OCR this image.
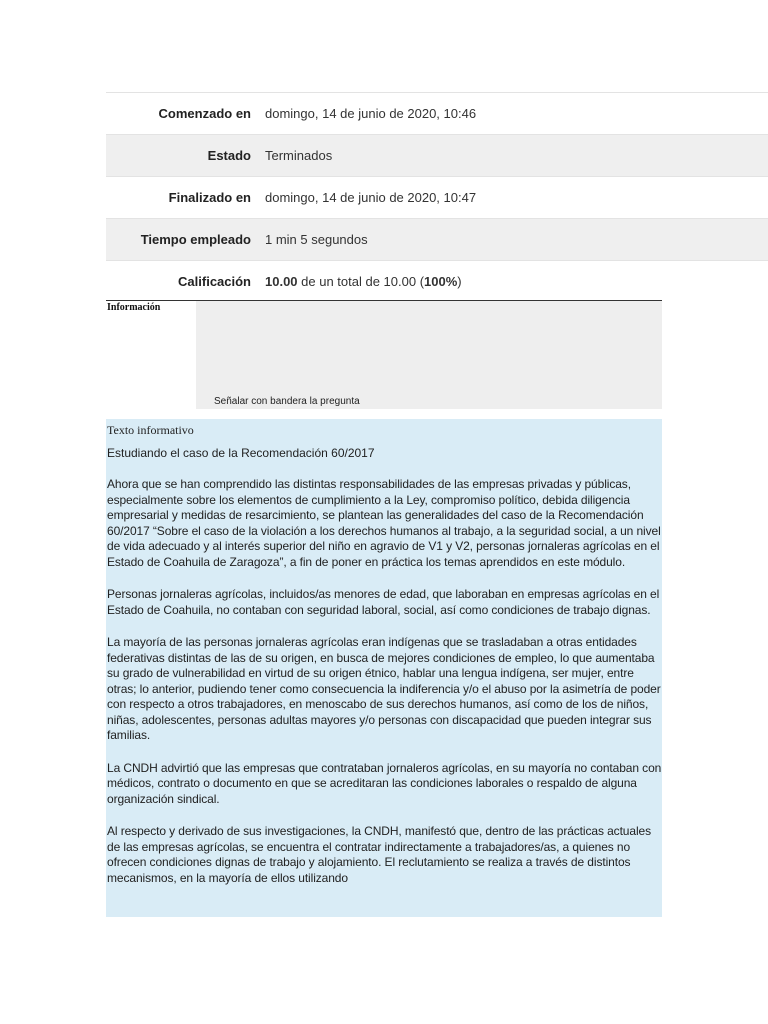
Comenzado en	domingo, 14 de junio de 2020, 10:46
Estado	Terminados
Finalizado en	domingo, 14 de junio de 2020, 10:47
Tiempo empleado	1 min 5 segundos
Calificación	10.00 de un total de 10.00 (100%)
Información
Señalar con bandera la pregunta
Texto informativo
Estudiando el caso de la Recomendación 60/2017

Ahora que se han comprendido las distintas responsabilidades de las empresas privadas y públicas, especialmente sobre los elementos de cumplimiento a la Ley, compromiso político, debida diligencia empresarial y medidas de resarcimiento, se plantean las generalidades del caso de la Recomendación 60/2017 “Sobre el caso de la violación a los derechos humanos al trabajo, a la seguridad social, a un nivel de vida adecuado y al interés superior del niño en agravio de V1 y V2, personas jornaleras agrícolas en el Estado de Coahuila de Zaragoza”, a fin de poner en práctica los temas aprendidos en este módulo.

Personas jornaleras agrícolas, incluidos/as menores de edad, que laboraban en empresas agrícolas en el Estado de Coahuila, no contaban con seguridad laboral, social, así como condiciones de trabajo dignas.

La mayoría de las personas jornaleras agrícolas eran indígenas que se trasladaban a otras entidades federativas distintas de las de su origen, en busca de mejores condiciones de empleo, lo que aumentaba su grado de vulnerabilidad en virtud de su origen étnico, hablar una lengua indígena, ser mujer, entre otras; lo anterior, pudiendo tener como consecuencia la indiferencia y/o el abuso por la asimetría de poder con respecto a otros trabajadores, en menoscabo de sus derechos humanos, así como de los de niños, niñas, adolescentes, personas adultas mayores y/o personas con discapacidad que pueden integrar sus familias.

La CNDH advirtió que las empresas que contrataban jornaleros agrícolas, en su mayoría no contaban con médicos, contrato o documento en que se acreditaran las condiciones laborales o respaldo de alguna organización sindical.

Al respecto y derivado de sus investigaciones, la CNDH, manifestó que, dentro de las prácticas actuales de las empresas agrícolas, se encuentra el contratar indirectamente a trabajadores/as, a quienes no ofrecen condiciones dignas de trabajo y alojamiento. El reclutamiento se realiza a través de distintos mecanismos, en la mayoría de ellos utilizando
